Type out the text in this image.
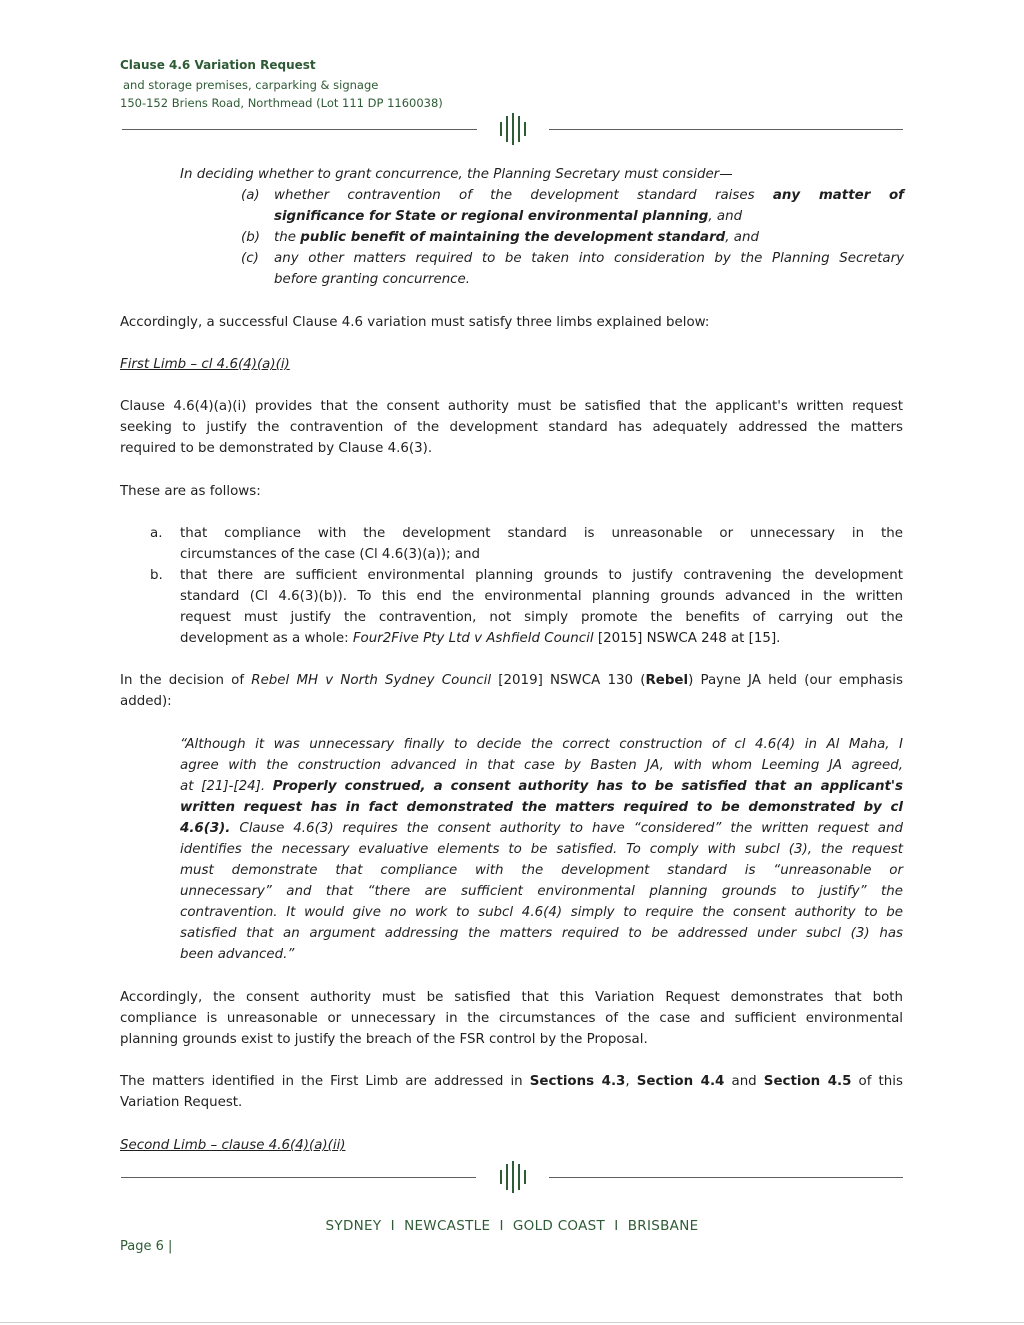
Clause 4.6 Variation Request
and storage premises, carparking & signage
150-152 Briens Road, Northmead (Lot 111 DP 1160038)
In deciding whether to grant concurrence, the Planning Secretary must consider—
(a) whether contravention of the development standard raises any matter of
significance for State or regional environmental planning, and
(b) the public benefit of maintaining the development standard, and
(c) any other matters required to be taken into consideration by the Planning Secretary
before granting concurrence.
Accordingly, a successful Clause 4.6 variation must satisfy three limbs explained below:
First Limb – cl 4.6(4)(a)(i)
Clause 4.6(4)(a)(i) provides that the consent authority must be satisfied that the applicant's written request
seeking to justify the contravention of the development standard has adequately addressed the matters
required to be demonstrated by Clause 4.6(3).
These are as follows:
a. that compliance with the development standard is unreasonable or unnecessary in the
circumstances of the case (Cl 4.6(3)(a)); and
b. that there are sufficient environmental planning grounds to justify contravening the development
standard (Cl 4.6(3)(b)). To this end the environmental planning grounds advanced in the written
request must justify the contravention, not simply promote the benefits of carrying out the
development as a whole: Four2Five Pty Ltd v Ashfield Council [2015] NSWCA 248 at [15].
In the decision of Rebel MH v North Sydney Council [2019] NSWCA 130 (Rebel) Payne JA held (our emphasis
added):
“Although it was unnecessary finally to decide the correct construction of cl 4.6(4) in Al Maha, I
agree with the construction advanced in that case by Basten JA, with whom Leeming JA agreed,
at [21]-[24]. Properly construed, a consent authority has to be satisfied that an applicant's
written request has in fact demonstrated the matters required to be demonstrated by cl
4.6(3). Clause 4.6(3) requires the consent authority to have “considered” the written request and
identifies the necessary evaluative elements to be satisfied. To comply with subcl (3), the request
must demonstrate that compliance with the development standard is “unreasonable or
unnecessary” and that “there are sufficient environmental planning grounds to justify” the
contravention. It would give no work to subcl 4.6(4) simply to require the consent authority to be
satisfied that an argument addressing the matters required to be addressed under subcl (3) has
been advanced.”
Accordingly, the consent authority must be satisfied that this Variation Request demonstrates that both
compliance is unreasonable or unnecessary in the circumstances of the case and sufficient environmental
planning grounds exist to justify the breach of the FSR control by the Proposal.
The matters identified in the First Limb are addressed in Sections 4.3, Section 4.4 and Section 4.5 of this
Variation Request.
Second Limb – clause 4.6(4)(a)(ii)
SYDNEY  I  NEWCASTLE  I  GOLD COAST  I  BRISBANE
Page 6 |
